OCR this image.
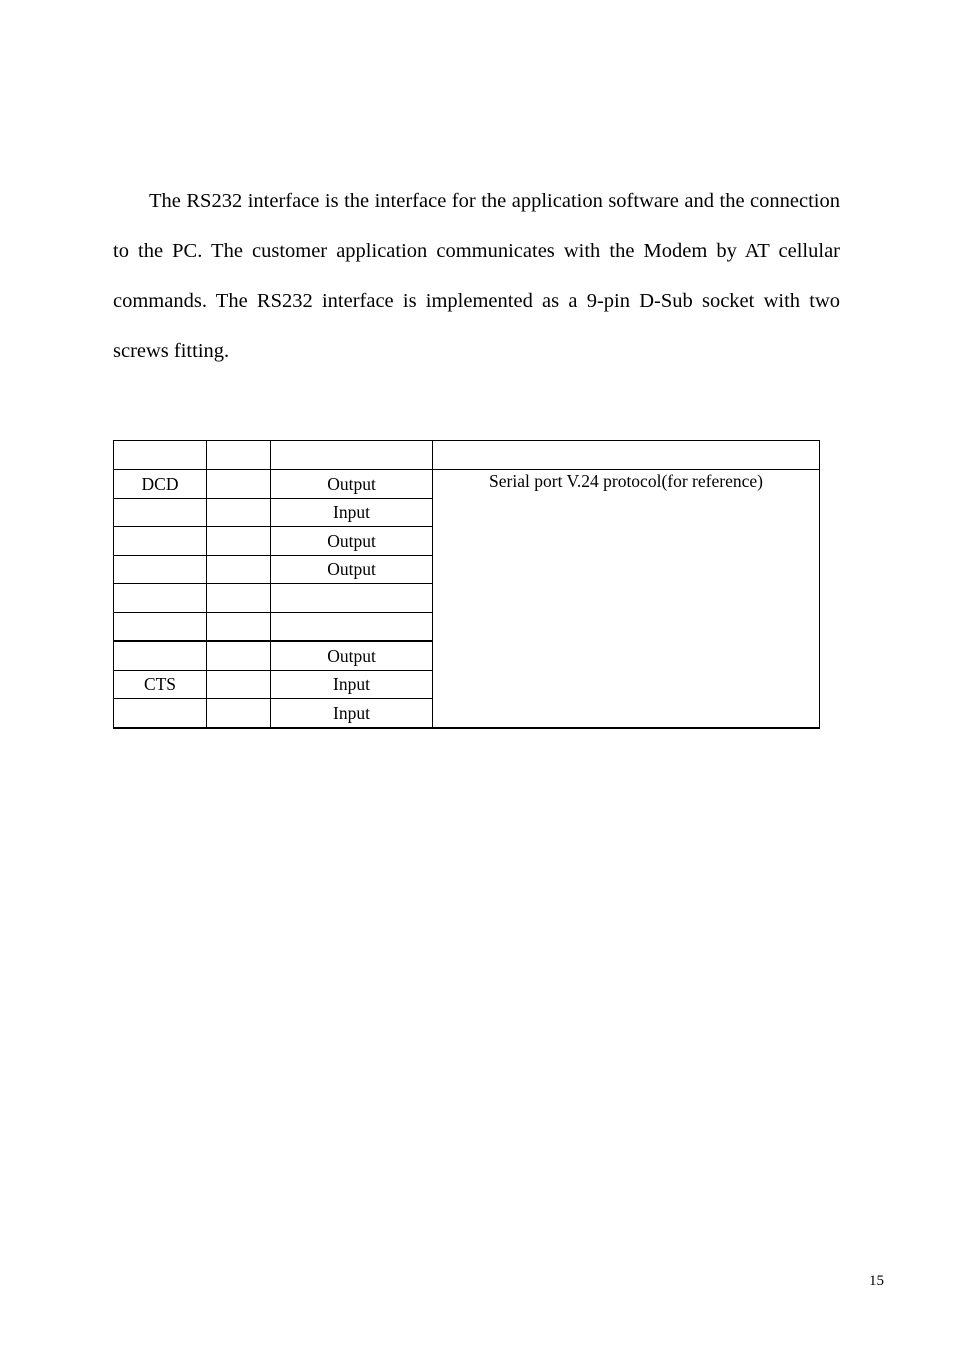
The RS232 interface is the interface for the application software and the connection to the PC. The customer application communicates with the Modem by AT cellular commands. The RS232 interface is implemented as a 9-pin D-Sub socket with two screws fitting.

DCD		Output	Serial port V.24 protocol(for reference)
		Input	
		Output	
		Output	

		Output	
CTS		Input	
		Input	
15
